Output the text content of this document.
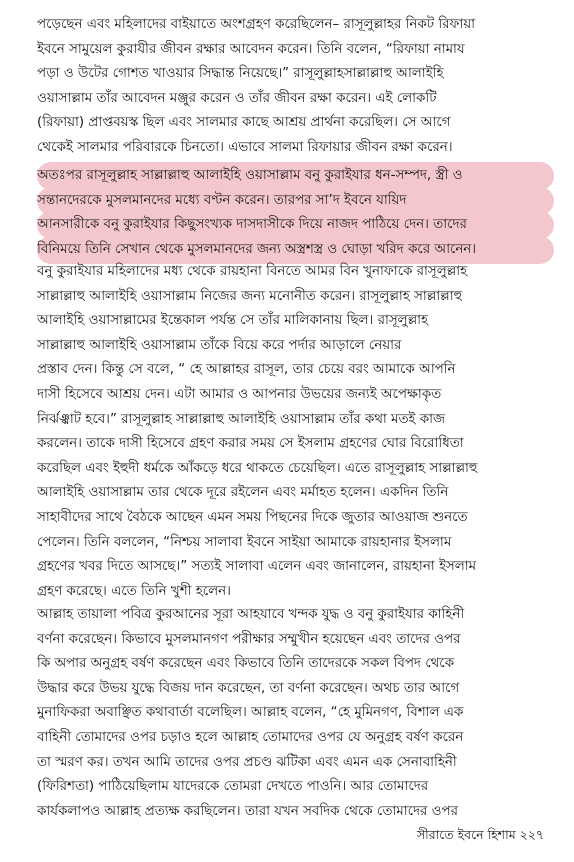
পড়েছেন এবং মহিলাদের বাইয়াতে অংশগ্রহণ করেছিলেন– রাসূলুল্লাহর নিকট রিফায়া
ইবনে সামুয়েল কুরাযীর জীবন রক্ষার আবেদন করেন। তিনি বলেন, “রিফায়া নামায
পড়া ও উটের গোশত খাওয়ার সিদ্ধান্ত নিয়েছে।” রাসূলুল্লাহসাল্লাল্লাহু আলাইহি
ওয়াসাল্লাম তাঁর আবেদন মঞ্জুর করেন ও তাঁর জীবন রক্ষা করেন। এই লোকটি
(রিফায়া) প্রাপ্তবয়স্ক ছিল এবং সালমার কাছে আশ্রয় প্রার্থনা করেছিল। সে আগে
থেকেই সালমার পরিবারকে চিনতো। এভাবে সালমা রিফায়ার জীবন রক্ষা করেন।
অতঃপর রাসূলুল্লাহ সাল্লাল্লাহু আলাইহি ওয়াসাল্লাম বনু কুরাইযার ধন-সম্পদ, স্ত্রী ও
সন্তানদেরকে মুসলমানদের মধ্যে বণ্টন করেন। তারপর সা’দ ইবনে যায়িদ
আনসারীকে বনু কুরাইযার কিছুসংখ্যক দাসদাসীকে দিয়ে নাজদ পাঠিয়ে দেন। তাদের
বিনিময়ে তিনি সেখান থেকে মুসলমানদের জন্য অস্ত্রশস্ত্র ও ঘোড়া খরিদ করে আনেন।
বনু কুরাইযার মহিলাদের মধ্য থেকে রায়হানা বিনতে আমর বিন খুনাফাকে রাসূলুল্লাহ
সাল্লাল্লাহু আলাইহি ওয়াসাল্লাম নিজের জন্য মনোনীত করেন। রাসূলুল্লাহ সাল্লাল্লাহু
আলাইহি ওয়াসাল্লামের ইন্তেকাল পর্যন্ত সে তাঁর মালিকানায় ছিল। রাসূলুল্লাহ
সাল্লাল্লাহু আলাইহি ওয়াসাল্লাম তাঁকে বিয়ে করে পর্দার আড়ালে নেয়ার
প্রস্তাব দেন। কিন্তু সে বলে, “ হে আল্লাহর রাসূল, তার চেয়ে বরং আমাকে আপনি
দাসী হিসেবে আশ্রয় দেন। এটা আমার ও আপনার উভয়ের জন্যই অপেক্ষাকৃত
নির্ঝঞ্ঝাট হবে।” রাসূলুল্লাহ সাল্লাল্লাহু আলাইহি ওয়াসাল্লাম তাঁর কথা মতই কাজ
করলেন। তাকে দাসী হিসেবে গ্রহণ করার সময় সে ইসলাম গ্রহণের ঘোর বিরোধিতা
করেছিল এবং ইহুদী ধর্মকে আঁকড়ে ধরে থাকতে চেয়েছিল। এতে রাসূলুল্লাহ সাল্লাল্লাহু
আলাইহি ওয়াসাল্লাম তার থেকে দূরে রইলেন এবং মর্মাহত হলেন। একদিন তিনি
সাহাবীদের সাথে বৈঠকে আছেন এমন সময় পিছনের দিকে জুতার আওয়াজ শুনতে
পেলেন। তিনি বললেন, “নিশ্চয় সালাবা ইবনে সাইয়া আমাকে রায়হানার ইসলাম
গ্রহণের খবর দিতে আসছে।” সত্যই সালাবা এলেন এবং জানালেন, রায়হানা ইসলাম
গ্রহণ করেছে। এতে তিনি খুশী হলেন।
আল্লাহ তায়ালা পবিত্র কুরআনের সূরা আহযাবে খন্দক যুদ্ধ ও বনু কুরাইযার কাহিনী
বর্ণনা করেছেন। কিভাবে মুসলমানগণ পরীক্ষার সম্মুখীন হয়েছেন এবং তাদের ওপর
কি অপার অনুগ্রহ বর্ষণ করেছেন এবং কিভাবে তিনি তাদেরকে সকল বিপদ থেকে
উদ্ধার করে উভয় যুদ্ধে বিজয় দান করেছেন, তা বর্ণনা করেছেন। অথচ তার আগে
মুনাফিকরা অবাঞ্ছিত কথাবার্তা বলেছিল। আল্লাহ বলেন, “হে মুমিনগণ, বিশাল এক
বাহিনী তোমাদের ওপর চড়াও হলে আল্লাহ তোমাদের ওপর যে অনুগ্রহ বর্ষণ করেন
তা স্মরণ কর। তখন আমি তাদের ওপর প্রচণ্ড ঝটিকা এবং এমন এক সেনাবাহিনী
(ফিরিশতা) পাঠিয়েছিলাম যাদেরকে তোমরা দেখতে পাওনি। আর তোমাদের
কার্যকলাপও আল্লাহ প্রত্যক্ষ করছিলেন। তারা যখন সবদিক থেকে তোমাদের ওপর
সীরাতে ইবনে হিশাম ২২৭
